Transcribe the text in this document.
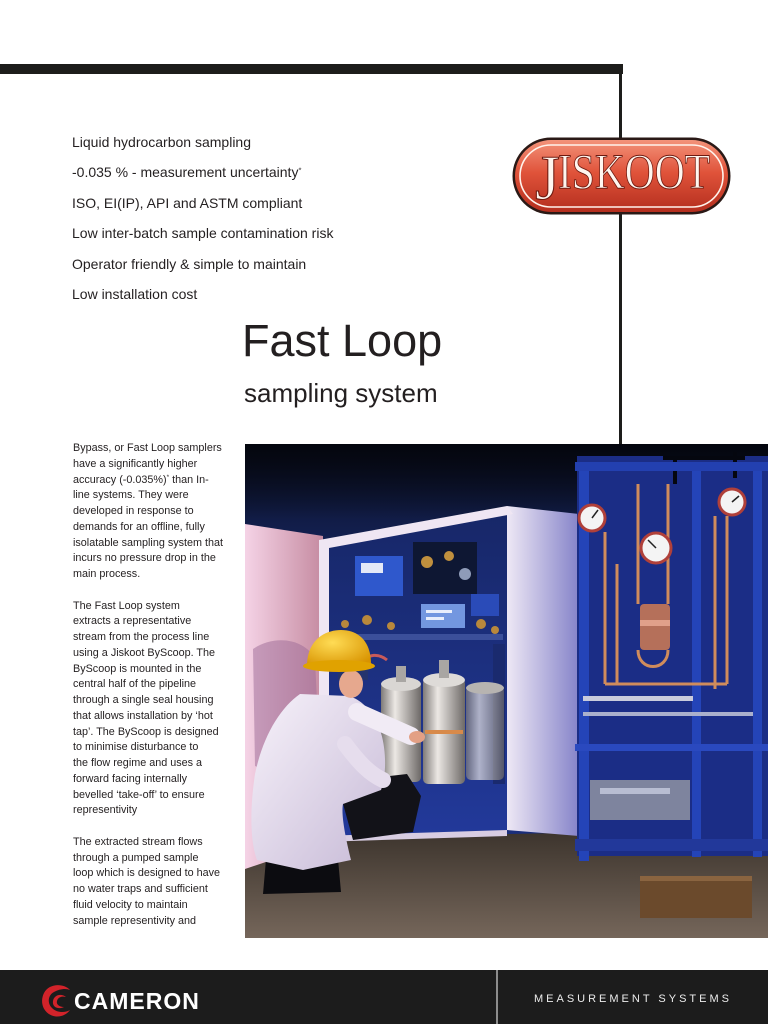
J
ISKOOT
Liquid hydrocarbon sampling
-0.035 % - measurement uncertainty*
ISO, EI(IP), API and ASTM compliant
Low inter-batch sample contamination risk
Operator friendly & simple to maintain
Low installation cost
Fast Loop
sampling system
Bypass, or Fast Loop samplers
have a significantly higher
accuracy (-0.035%)* than In-
line systems. They were
developed in response to
demands for an offline, fully
isolatable sampling system that
incurs no pressure drop in the
main process.
The Fast Loop system
extracts a representative
stream from the process line
using a Jiskoot ByScoop. The
ByScoop is mounted in the
central half of the pipeline
through a single seal housing
that allows installation by ‘hot
tap’. The ByScoop is designed
to minimise disturbance to
the flow regime and uses a
forward facing internally
bevelled ‘take-off’ to ensure
representivity
The extracted stream flows
through a pumped sample
loop which is designed to have
no water traps and sufficient
fluid velocity to maintain
sample representivity and
CAMERON	MEASUREMENT SYSTEMS
